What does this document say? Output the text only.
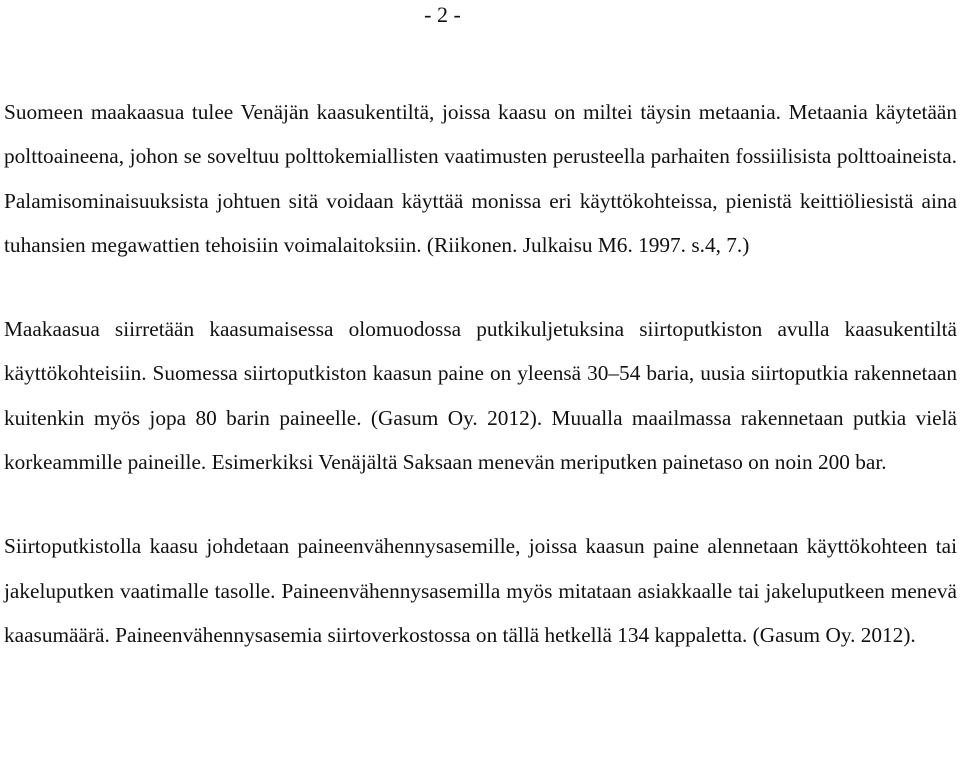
- 2 -

Suomeen maakaasua tulee Venäjän kaasukentiltä, joissa kaasu on miltei täysin metaania. Metaania käytetään polttoaineena, johon se soveltuu polttokemiallisten vaatimusten perusteella parhaiten fossiilisista polttoaineista. Palamisominaisuuksista johtuen sitä voidaan käyttää monissa eri käyttökohteissa, pienistä keittiöliesistä aina tuhansien megawattien tehoisiin voimalaitoksiin. (Riikonen. Julkaisu M6. 1997. s.4, 7.)

Maakaasua siirretään kaasumaisessa olomuodossa putkikuljetuksina siirtoputkiston avulla kaasukentiltä käyttökohteisiin. Suomessa siirtoputkiston kaasun paine on yleensä 30–54 baria, uusia siirtoputkia rakennetaan kuitenkin myös jopa 80 barin paineelle. (Gasum Oy. 2012). Muualla maailmassa rakennetaan putkia vielä korkeammille paineille. Esimerkiksi Venäjältä Saksaan menevän meriputken painetaso on noin 200 bar.

Siirtoputkistolla kaasu johdetaan paineenvähennysasemille, joissa kaasun paine alennetaan käyttökohteen tai jakeluputken vaatimalle tasolle. Paineenvähennysasemilla myös mitataan asiakkaalle tai jakeluputkeen menevä kaasumäärä. Paineenvähennysasemia siirtoverkostossa on tällä hetkellä 134 kappaletta. (Gasum Oy. 2012).
